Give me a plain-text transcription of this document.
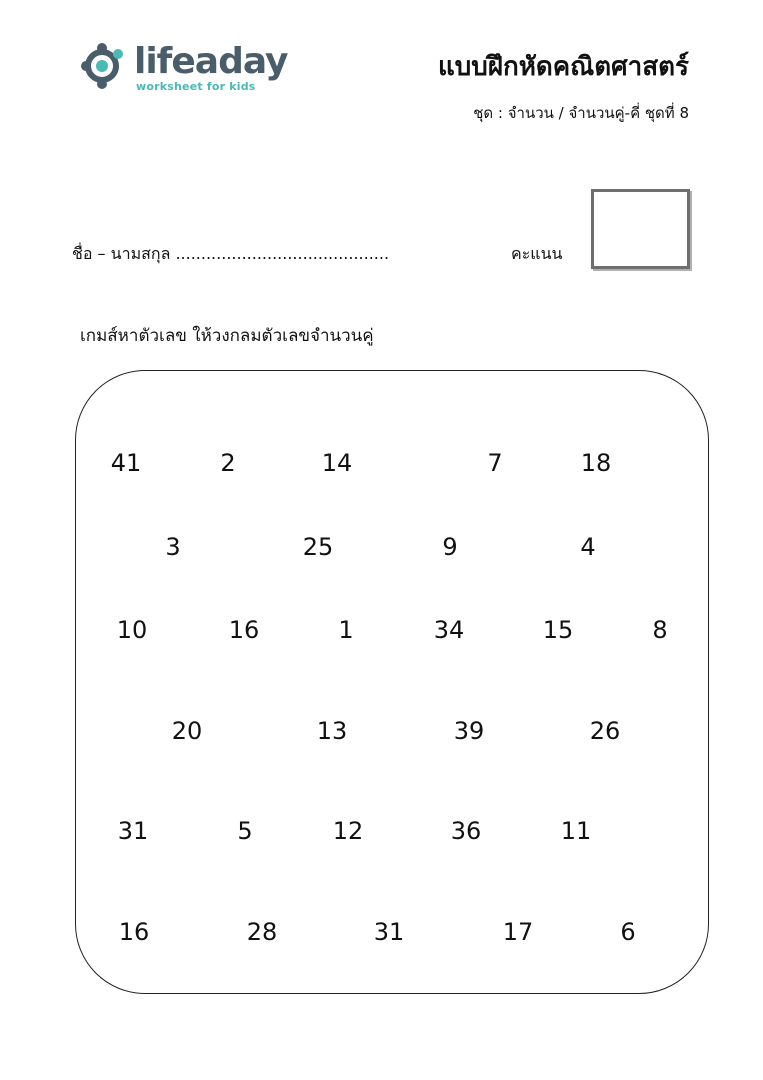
lifeaday
worksheet for kids
แบบฝึกหัดคณิตศาสตร์
ชุด : จำนวน / จำนวนคู่-คี่ ชุดที่ 8
ชื่อ – นามสกุล ..........................................	คะแนน
เกมส์หาตัวเลข ให้วงกลมตัวเลขจำนวนคู่
41	2	14	7	18
3	25	9	4
10	16	1	34	15	8
20	13	39	26
31	5	12	36	11
16	28	31	17	6
